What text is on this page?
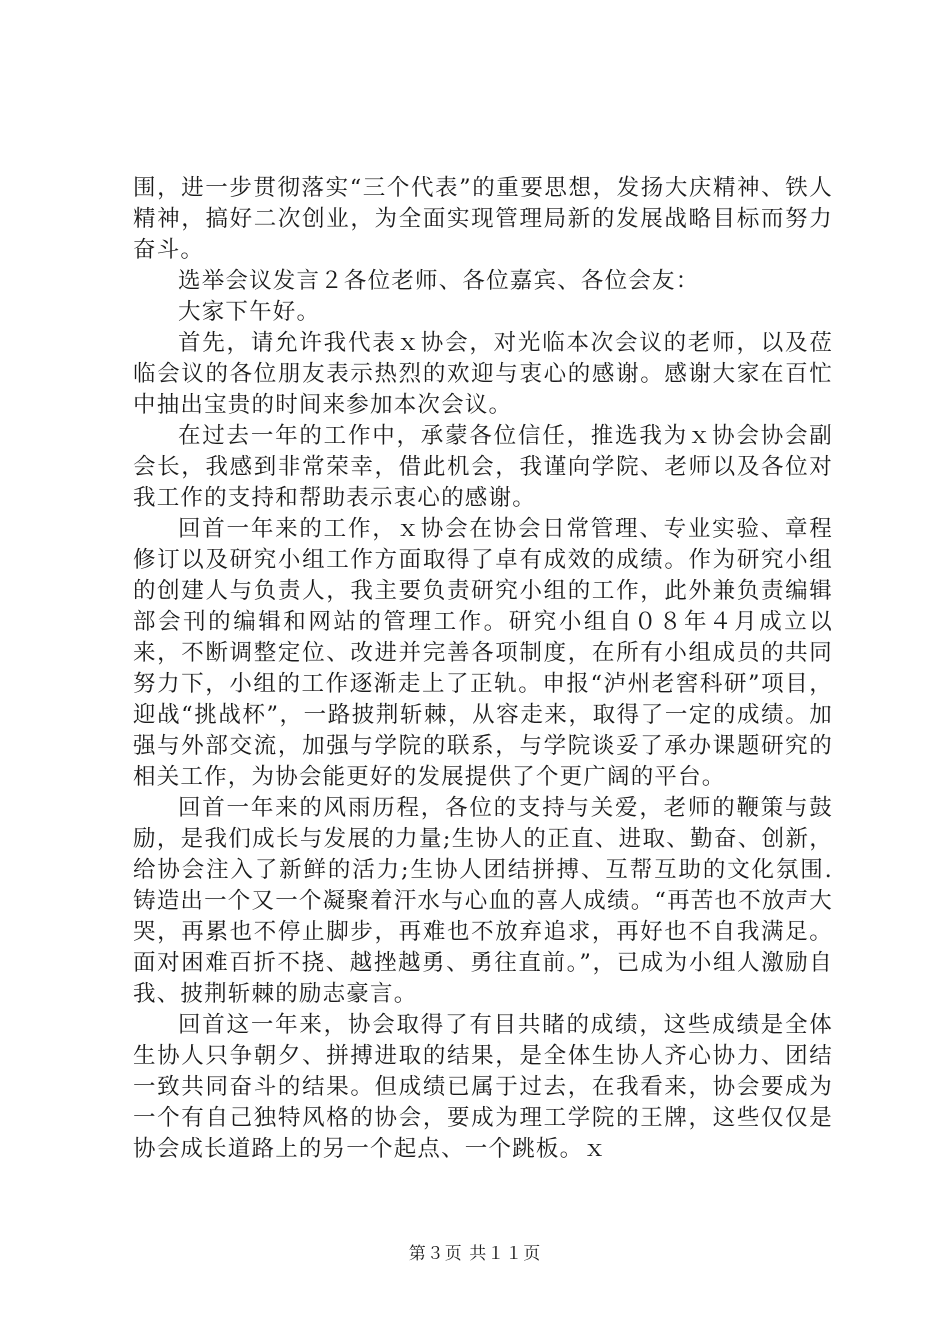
围，进一步贯彻落实“三个代表”的重要思想，发扬大庆精神、铁人精神，搞好二次创业，为全面实现管理局新的发展战略目标而努力奋斗。

选举会议发言２各位老师、各位嘉宾、各位会友：

大家下午好。

首先，请允许我代表ｘ协会，对光临本次会议的老师，以及莅临会议的各位朋友表示热烈的欢迎与衷心的感谢。感谢大家在百忙中抽出宝贵的时间来参加本次会议。

在过去一年的工作中，承蒙各位信任，推选我为ｘ协会协会副会长，我感到非常荣幸，借此机会，我谨向学院、老师以及各位对我工作的支持和帮助表示衷心的感谢。

回首一年来的工作，ｘ协会在协会日常管理、专业实验、章程修订以及研究小组工作方面取得了卓有成效的成绩。作为研究小组的创建人与负责人，我主要负责研究小组的工作，此外兼负责编辑部会刊的编辑和网站的管理工作。研究小组自０８年４月成立以来，不断调整定位、改进并完善各项制度，在所有小组成员的共同努力下，小组的工作逐渐走上了正轨。申报“泸州老窖科研”项目，迎战“挑战杯”，一路披荆斩棘，从容走来，取得了一定的成绩。加强与外部交流，加强与学院的联系，与学院谈妥了承办课题研究的相关工作，为协会能更好的发展提供了个更广阔的平台。

回首一年来的风雨历程，各位的支持与关爱，老师的鞭策与鼓励，是我们成长与发展的力量;生协人的正直、进取、勤奋、创新，给协会注入了新鲜的活力;生协人团结拼搏、互帮互助的文化氛围.铸造出一个又一个凝聚着汗水与心血的喜人成绩。“再苦也不放声大哭，再累也不停止脚步，再难也不放弃追求，再好也不自我满足。面对困难百折不挠、越挫越勇、勇往直前。”，已成为小组人激励自我、披荆斩棘的励志豪言。

回首这一年来，协会取得了有目共睹的成绩，这些成绩是全体生协人只争朝夕、拼搏进取的结果，是全体生协人齐心协力、团结一致共同奋斗的结果。但成绩已属于过去，在我看来，协会要成为一个有自己独特风格的协会，要成为理工学院的王牌，这些仅仅是协会成长道路上的另一个起点、一个跳板。ｘ

第３页 共１１页
